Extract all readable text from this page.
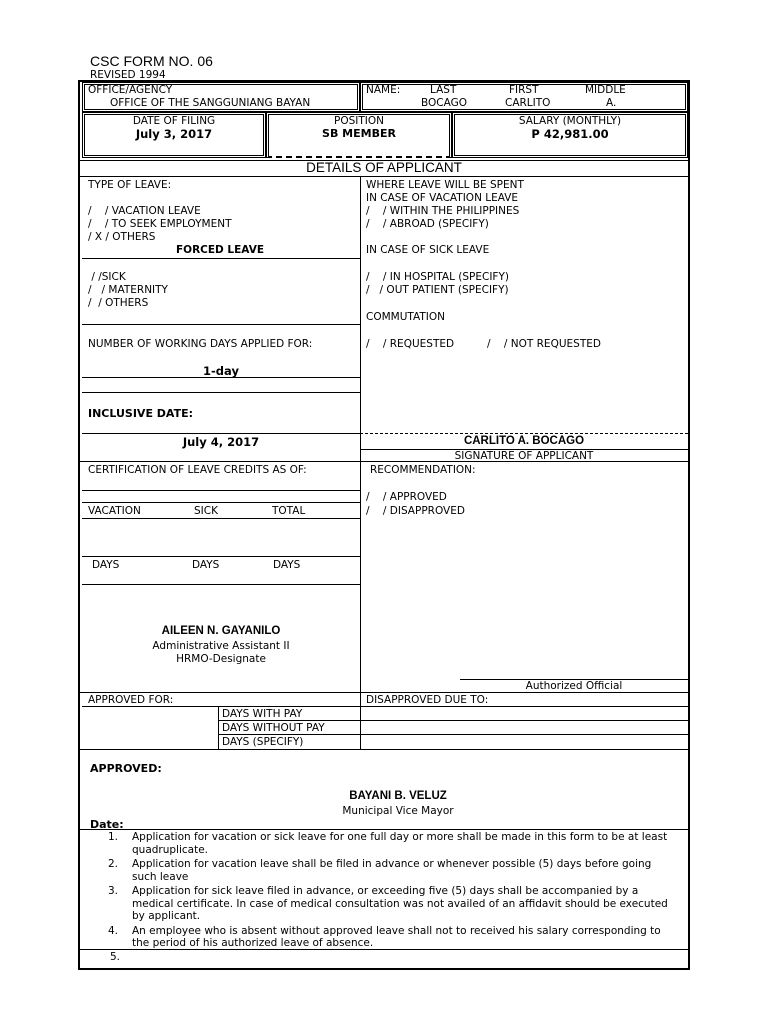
CSC FORM NO. 06
REVISED 1994
OFFICE/AGENCY
OFFICE OF THE SANGGUNIANG BAYAN
NAME:	LAST	FIRST	MIDDLE
BOCAGO	CARLITO	A.
DATE OF FILING
July 3, 2017
POSITION
SB MEMBER
SALARY (MONTHLY)
P 42,981.00
DETAILS OF APPLICANT
TYPE OF LEAVE:
/    / VACATION LEAVE
/    / TO SEEK EMPLOYMENT
/ X / OTHERS
FORCED LEAVE
/ /SICK
/   / MATERNITY
/  / OTHERS
NUMBER OF WORKING DAYS APPLIED FOR:
1-day
INCLUSIVE DATE:
July 4, 2017
WHERE LEAVE WILL BE SPENT
IN CASE OF VACATION LEAVE
/    / WITHIN THE PHILIPPINES
/    / ABROAD (SPECIFY)
IN CASE OF SICK LEAVE
/    / IN HOSPITAL (SPECIFY)
/   / OUT PATIENT (SPECIFY)
COMMUTATION
/    / REQUESTED	/    / NOT REQUESTED
CARLITO A. BOCAGO
SIGNATURE OF APPLICANT
CERTIFICATION OF LEAVE CREDITS AS OF:
VACATION	SICK	TOTAL
DAYS	DAYS	DAYS
AILEEN N. GAYANILO
Administrative Assistant II
HRMO-Designate
RECOMMENDATION:
/    / APPROVED
/    / DISAPPROVED
Authorized Official
APPROVED FOR:	DISAPPROVED DUE TO:
DAYS WITH PAY
DAYS WITHOUT PAY
DAYS (SPECIFY)
APPROVED:
BAYANI B. VELUZ
Municipal Vice Mayor
Date:
1. Application for vacation or sick leave for one full day or more shall be made in this form to be at least quadruplicate.
2. Application for vacation leave shall be filed in advance or whenever possible (5) days before going such leave
3. Application for sick leave filed in advance, or exceeding five (5) days shall be accompanied by a medical certificate. In case of medical consultation was not availed of an affidavit should be executed by applicant.
4. An employee who is absent without approved leave shall not to received his salary corresponding to the period of his authorized leave of absence.
5.
